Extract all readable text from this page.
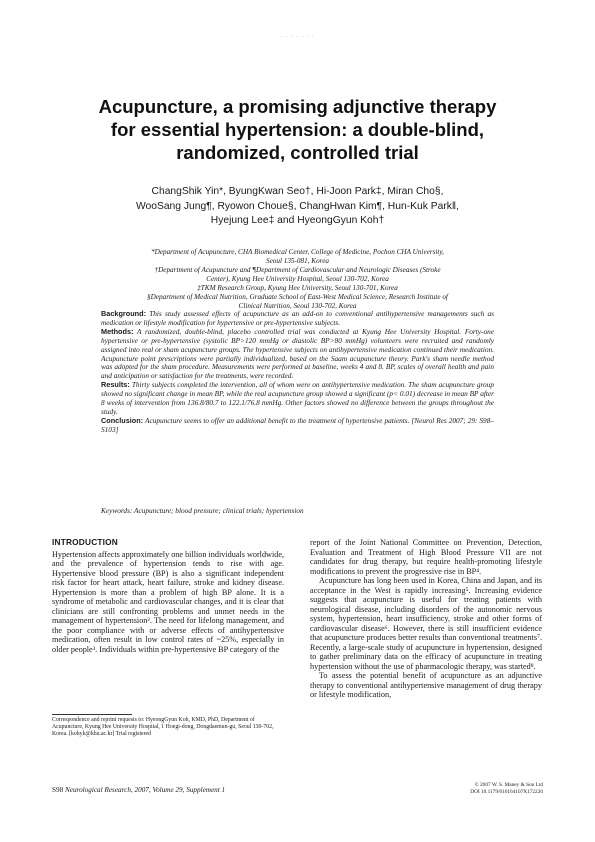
· · · · · · ·
Acupuncture, a promising adjunctive therapy
for essential hypertension: a double-blind,
randomized, controlled trial
ChangShik Yin*, ByungKwan Seo†, Hi-Joon Park‡, Miran Cho§,
WooSang Jung¶, Ryowon Choue§, ChangHwan Kim¶, Hun-Kuk Park‖,
Hyejung Lee‡ and HyeongGyun Koh†
*Department of Acupuncture, CHA Biomedical Center, College of Medicine, Pochon CHA University,
Seoul 135-081, Korea
†Department of Acupuncture and ¶Department of Cardiovascular and Neurologic Diseases (Stroke
Center), Kyung Hee University Hospital, Seoul 130-702, Korea
‡TKM Research Group, Kyung Hee University, Seoul 130-701, Korea
§Department of Medical Nutrition, Graduate School of East-West Medical Science, Research Institute of
Clinical Nutrition, Seoul 130-702, Korea

Background: This study assessed effects of acupuncture as an add-on to conventional antihypertensive managements such as medication or lifestyle modification for hypertensive or pre-hypertensive subjects.

Methods: A randomized, double-blind, placebo controlled trial was conducted at Kyung Hee University Hospital. Forty-one hypertensive or pre-hypertensive (systolic BP>120 mmHg or diastolic BP>80 mmHg) volunteers were recruited and randomly assigned into real or sham acupuncture groups. The hypertensive subjects on antihypertensive medication continued their medication. Acupuncture point prescriptions were partially individualized, based on the Saam acupuncture theory. Park's sham needle method was adopted for the sham procedure. Measurements were performed at baseline, weeks 4 and 8. BP, scales of overall health and pain and anticipation or satisfaction for the treatments, were recorded.

Results: Thirty subjects completed the intervention, all of whom were on antihypertensive medication. The sham acupuncture group showed no significant change in mean BP, while the real acupuncture group showed a significant (p< 0.01) decrease in mean BP after 8 weeks of intervention from 136.8/80.7 to 122.1/76.8 mmHg. Other factors showed no difference between the groups throughout the study.

Conclusion: Acupuncture seems to offer an additional benefit to the treatment of hypertensive patients. [Neurol Res 2007; 29: S98–S103]

Keywords: Acupuncture; blood pressure; clinical trials; hypertension
INTRODUCTION

Hypertension affects approximately one billion individuals worldwide, and the prevalence of hypertension tends to rise with age. Hypertensive blood pressure (BP) is also a significant independent risk factor for heart attack, heart failure, stroke and kidney disease. Hypertension is more than a problem of high BP alone. It is a syndrome of metabolic and cardiovascular changes, and it is clear that clinicians are still confronting problems and unmet needs in the management of hypertension². The need for lifelong management, and the poor compliance with or adverse effects of antihypertensive medication, often result in low control rates of ~25%, especially in older people³. Individuals within pre-hypertensive BP category of the

report of the Joint National Committee on Prevention, Detection, Evaluation and Treatment of High Blood Pressure VII are not candidates for drug therapy, but require health-promoting lifestyle modifications to prevent the progressive rise in BP⁴.

Acupuncture has long been used in Korea, China and Japan, and its acceptance in the West is rapidly increasing⁵. Increasing evidence suggests that acupuncture is useful for treating patients with neurological disease, including disorders of the autonomic nervous system, hypertension, heart insufficiency, stroke and other forms of cardiovascular disease⁶. However, there is still insufficient evidence that acupuncture produces better results than conventional treatments⁷. Recently, a large-scale study of acupuncture in hypertension, designed to gather preliminary data on the efficacy of acupuncture in treating hypertension without the use of pharmacologic therapy, was started⁸.

To assess the potential benefit of acupuncture as an adjunctive therapy to conventional antihypertensive management of drug therapy or lifestyle modification,

Correspondence and reprint requests to: HyeongGyun Koh, KMD, PhD, Department of Acupuncture, Kyung Hee University Hospital, 1 Hoegi-dong, Dongdaemun-gu, Seoul 130-702, Korea. [kohyk@khu.ac.kr] Trial registered
S98 Neurological Research, 2007, Volume 29, Supplement 1
© 2007 W. S. Maney & Son Ltd
DOI 10.1179/016164107X172220
